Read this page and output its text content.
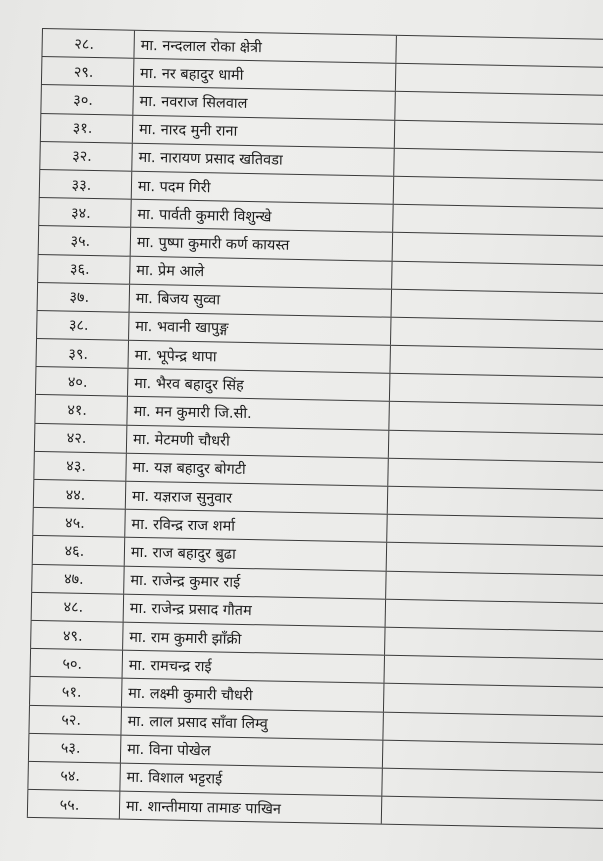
२८.	मा. नन्दलाल रोका क्षेत्री
२९.	मा. नर बहादुर धामी
३०.	मा. नवराज सिलवाल
३१.	मा. नारद मुनी राना
३२.	मा. नारायण प्रसाद खतिवडा
३३.	मा. पदम गिरी
३४.	मा. पार्वती कुमारी विशुन्खे
३५.	मा. पुष्पा कुमारी कर्ण कायस्त
३६.	मा. प्रेम आले
३७.	मा. बिजय सुव्वा
३८.	मा. भवानी खापुङ्ग
३९.	मा. भूपेन्द्र थापा
४०.	मा. भैरव बहादुर सिंह
४१.	मा. मन कुमारी जि.सी.
४२.	मा. मेटमणी चौधरी
४३.	मा. यज्ञ बहादुर बोगटी
४४.	मा. यज्ञराज सुनुवार
४५.	मा. रविन्द्र राज शर्मा
४६.	मा. राज बहादुर बुढा
४७.	मा. राजेन्द्र कुमार राई
४८.	मा. राजेन्द्र प्रसाद गौतम
४९.	मा. राम कुमारी झाँक्री
५०.	मा. रामचन्द्र राई
५१.	मा. लक्ष्मी कुमारी चौधरी
५२.	मा. लाल प्रसाद साँवा लिम्वु
५३.	मा. विना पोखेल
५४.	मा. विशाल भट्टराई
५५.	मा. शान्तीमाया तामाङ पाखिन
